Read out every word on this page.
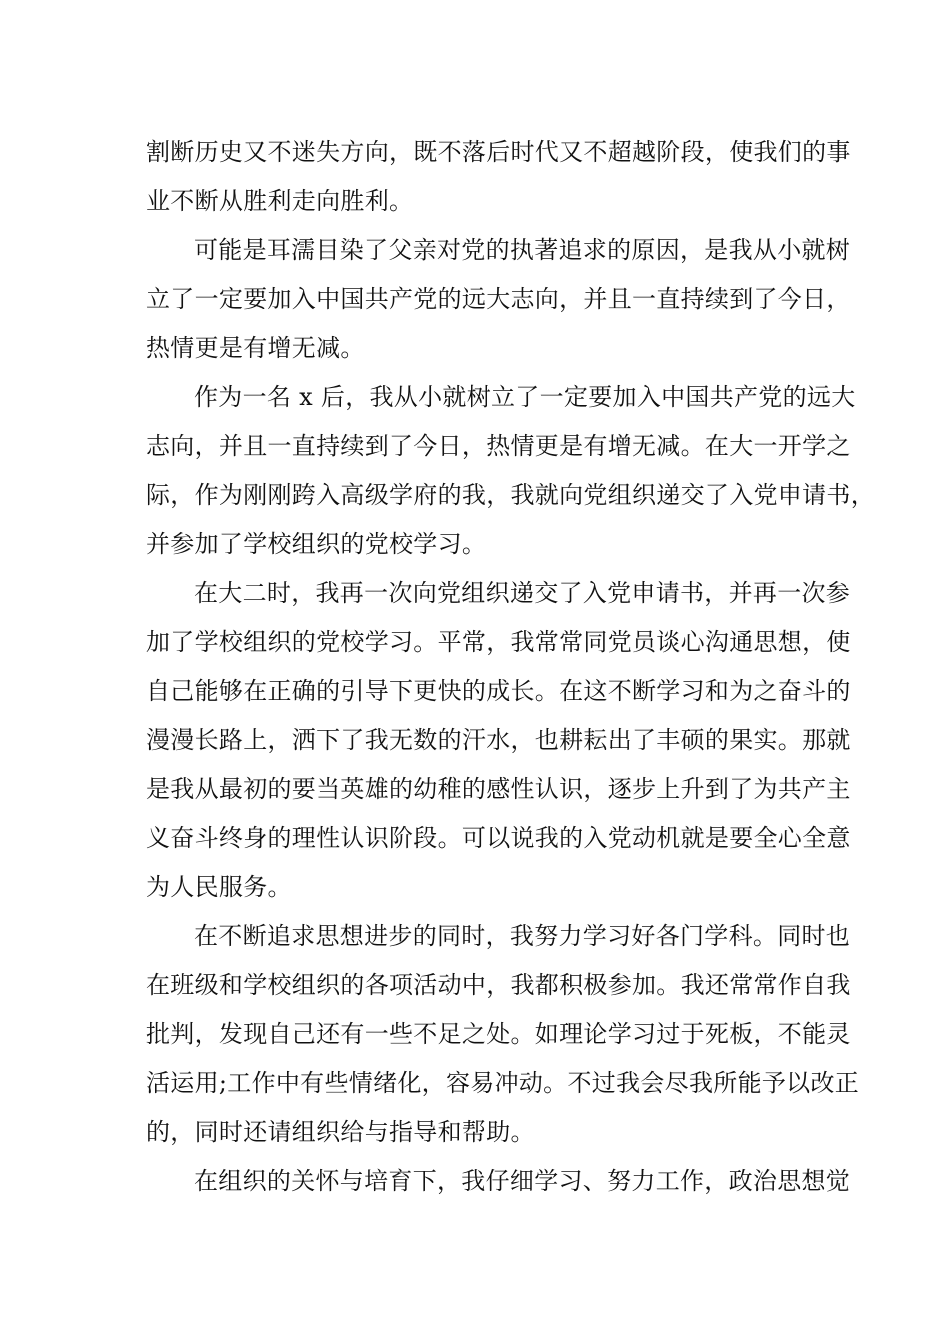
割断历史又不迷失方向，既不落后时代又不超越阶段，使我们的事
业不断从胜利走向胜利。
可能是耳濡目染了父亲对党的执著追求的原因，是我从小就树
立了一定要加入中国共产党的远大志向，并且一直持续到了今日，
热情更是有增无减。
作为一名 x 后，我从小就树立了一定要加入中国共产党的远大
志向，并且一直持续到了今日，热情更是有增无减。在大一开学之
际，作为刚刚跨入高级学府的我，我就向党组织递交了入党申请书，
并参加了学校组织的党校学习。
在大二时，我再一次向党组织递交了入党申请书，并再一次参
加了学校组织的党校学习。平常，我常常同党员谈心沟通思想，使
自己能够在正确的引导下更快的成长。在这不断学习和为之奋斗的
漫漫长路上，洒下了我无数的汗水，也耕耘出了丰硕的果实。那就
是我从最初的要当英雄的幼稚的感性认识，逐步上升到了为共产主
义奋斗终身的理性认识阶段。可以说我的入党动机就是要全心全意
为人民服务。
在不断追求思想进步的同时，我努力学习好各门学科。同时也
在班级和学校组织的各项活动中，我都积极参加。我还常常作自我
批判，发现自己还有一些不足之处。如理论学习过于死板，不能灵
活运用;工作中有些情绪化，容易冲动。不过我会尽我所能予以改正
的，同时还请组织给与指导和帮助。
在组织的关怀与培育下，我仔细学习、努力工作，政治思想觉
